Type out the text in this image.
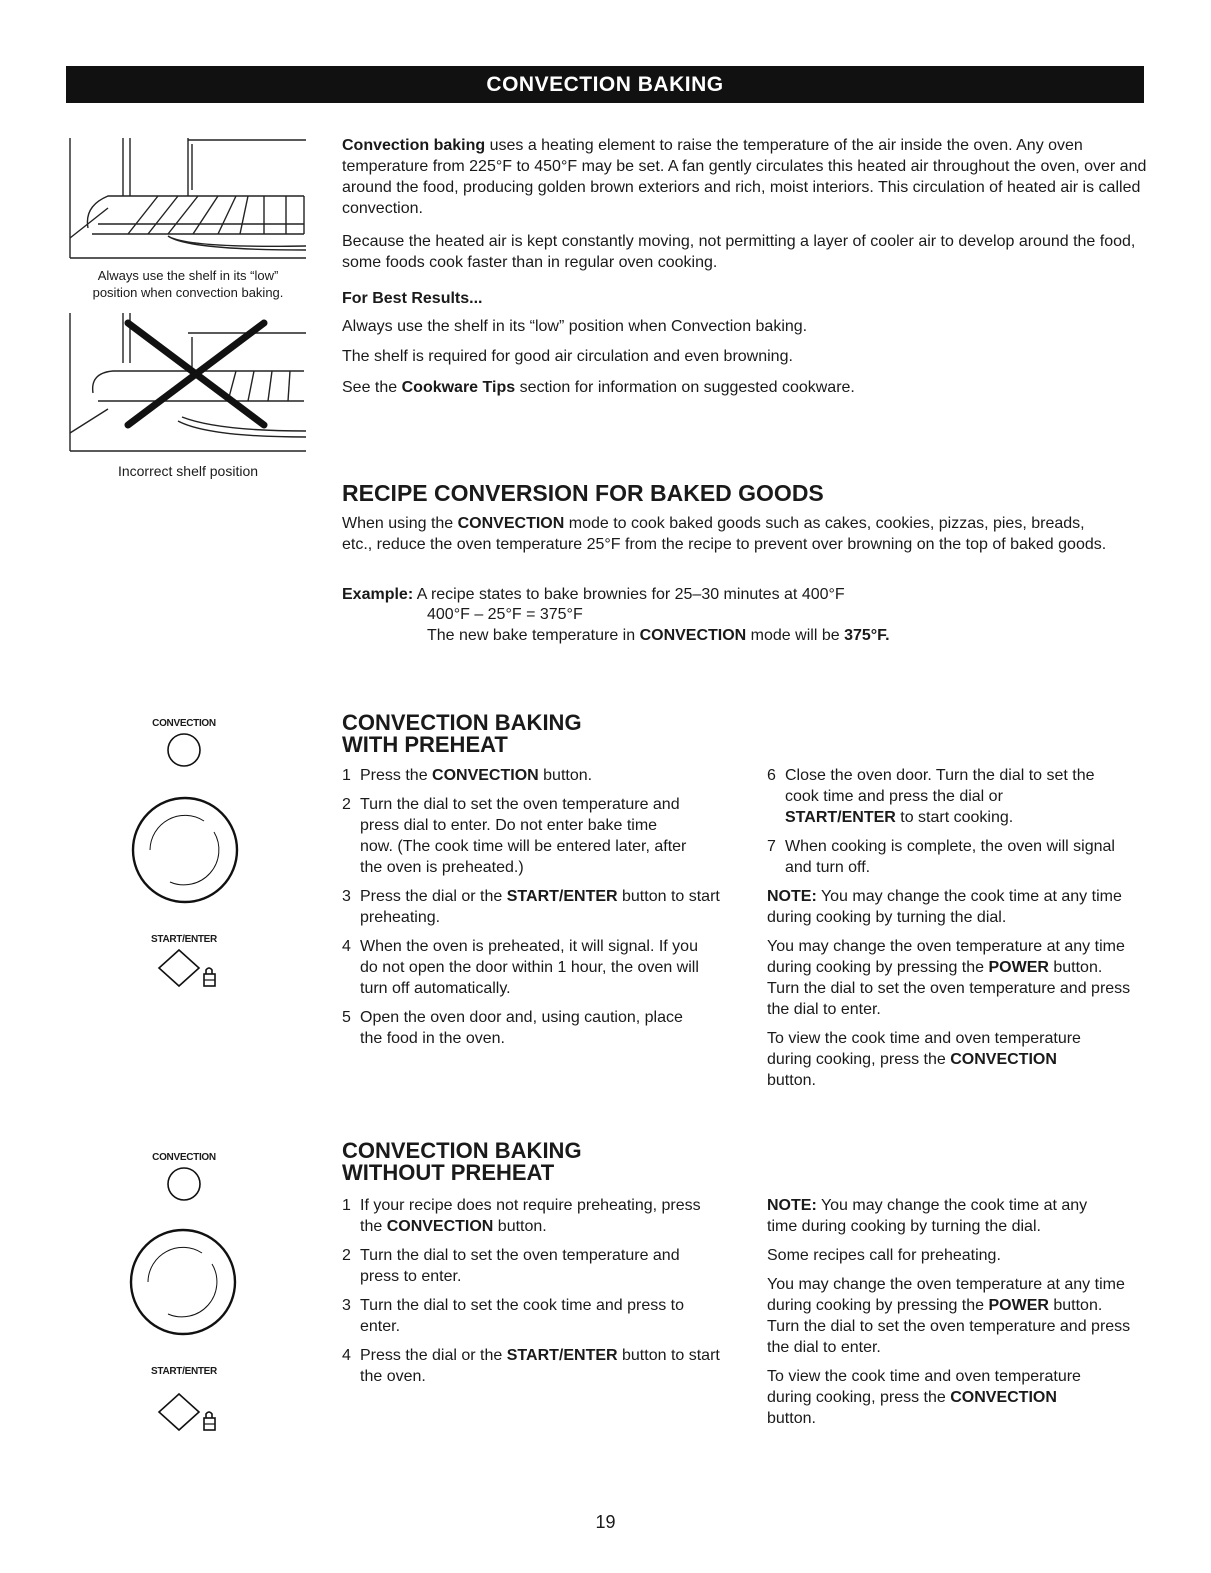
CONVECTION BAKING
Always use the shelf in its “low”
position when convection baking.
Incorrect shelf position
Convection baking uses a heating element to raise the temperature of the air inside the oven. Any oven temperature from 225°F to 450°F may be set. A fan gently circulates this heated air throughout the oven, over and around the food, producing golden brown exteriors and rich, moist interiors. This circulation of heated air is called convection.
Because the heated air is kept constantly moving, not permitting a layer of cooler air to develop around the food, some foods cook faster than in regular oven cooking.
For Best Results...
Always use the shelf in its “low” position when Convection baking.
The shelf is required for good air circulation and even browning.
See the Cookware Tips section for information on suggested cookware.
RECIPE CONVERSION FOR BAKED GOODS
When using the CONVECTION mode to cook baked goods such as cakes, cookies, pizzas, pies, breads, etc., reduce the oven temperature 25°F from the recipe to prevent over browning on the top of baked goods.
Example: A recipe states to bake brownies for 25–30 minutes at 400°F
400°F – 25°F = 375°F
The new bake temperature in CONVECTION mode will be 375°F.
CONVECTION
START/ENTER
CONVECTION BAKING
WITH PREHEAT
1 Press the CONVECTION button.
2 Turn the dial to set the oven temperature and press dial to enter. Do not enter bake time now. (The cook time will be entered later, after the oven is preheated.)
3 Press the dial or the START/ENTER button to start preheating.
4 When the oven is preheated, it will signal. If you do not open the door within 1 hour, the oven will turn off automatically.
5 Open the oven door and, using caution, place the food in the oven.
6 Close the oven door. Turn the dial to set the cook time and press the dial or START/ENTER to start cooking.
7 When cooking is complete, the oven will signal and turn off.
NOTE: You may change the cook time at any time during cooking by turning the dial.
You may change the oven temperature at any time during cooking by pressing the POWER button. Turn the dial to set the oven temperature and press the dial to enter.
To view the cook time and oven temperature during cooking, press the CONVECTION button.
CONVECTION
START/ENTER
CONVECTION BAKING
WITHOUT PREHEAT
1 If your recipe does not require preheating, press the CONVECTION button.
2 Turn the dial to set the oven temperature and press to enter.
3 Turn the dial to set the cook time and press to enter.
4 Press the dial or the START/ENTER button to start the oven.
NOTE: You may change the cook time at any time during cooking by turning the dial.
Some recipes call for preheating.
You may change the oven temperature at any time during cooking by pressing the POWER button. Turn the dial to set the oven temperature and press the dial to enter.
To view the cook time and oven temperature during cooking, press the CONVECTION button.
19
